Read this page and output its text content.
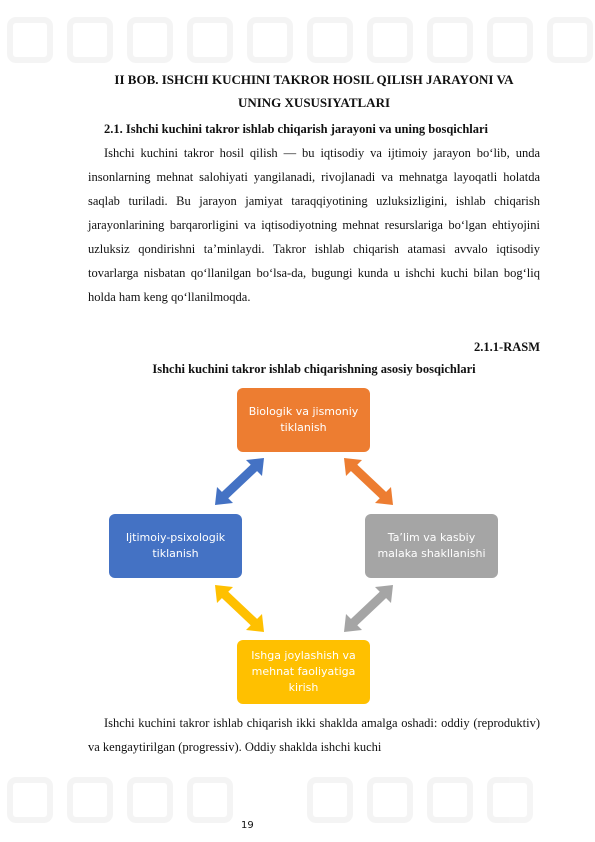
II BOB. ISHCHI KUCHINI TAKROR HOSIL QILISH JARAYONI VA
UNING XUSUSIYATLARI
2.1. Ishchi kuchini takror ishlab chiqarish jarayoni va uning bosqichlari
Ishchi kuchini takror hosil qilish — bu iqtisodiy va ijtimoiy jarayon bo‘lib, unda insonlarning mehnat salohiyati yangilanadi, rivojlanadi va mehnatga layoqatli holatda saqlab turiladi. Bu jarayon jamiyat taraqqiyotining uzluksizligini, ishlab chiqarish jarayonlarining barqarorligini va iqtisodiyotning mehnat resurslariga bo‘lgan ehtiyojini uzluksiz qondirishni ta’minlaydi. Takror ishlab chiqarish atamasi avvalo iqtisodiy tovarlarga nisbatan qo‘llanilgan bo‘lsa-da, bugungi kunda u ishchi kuchi bilan bog‘liq holda ham keng qo‘llanilmoqda.
2.1.1-RASM
Ishchi kuchini takror ishlab chiqarishning asosiy bosqichlari
Biologik va jismoniy tiklanish
Ijtimoiy-psixologik tiklanish
Ta’lim va kasbiy malaka shakllanishi
Ishga joylashish va mehnat faoliyatiga kirish
Ishchi kuchini takror ishlab chiqarish ikki shaklda amalga oshadi: oddiy (reproduktiv) va kengaytirilgan (progressiv). Oddiy shaklda ishchi kuchi
19
